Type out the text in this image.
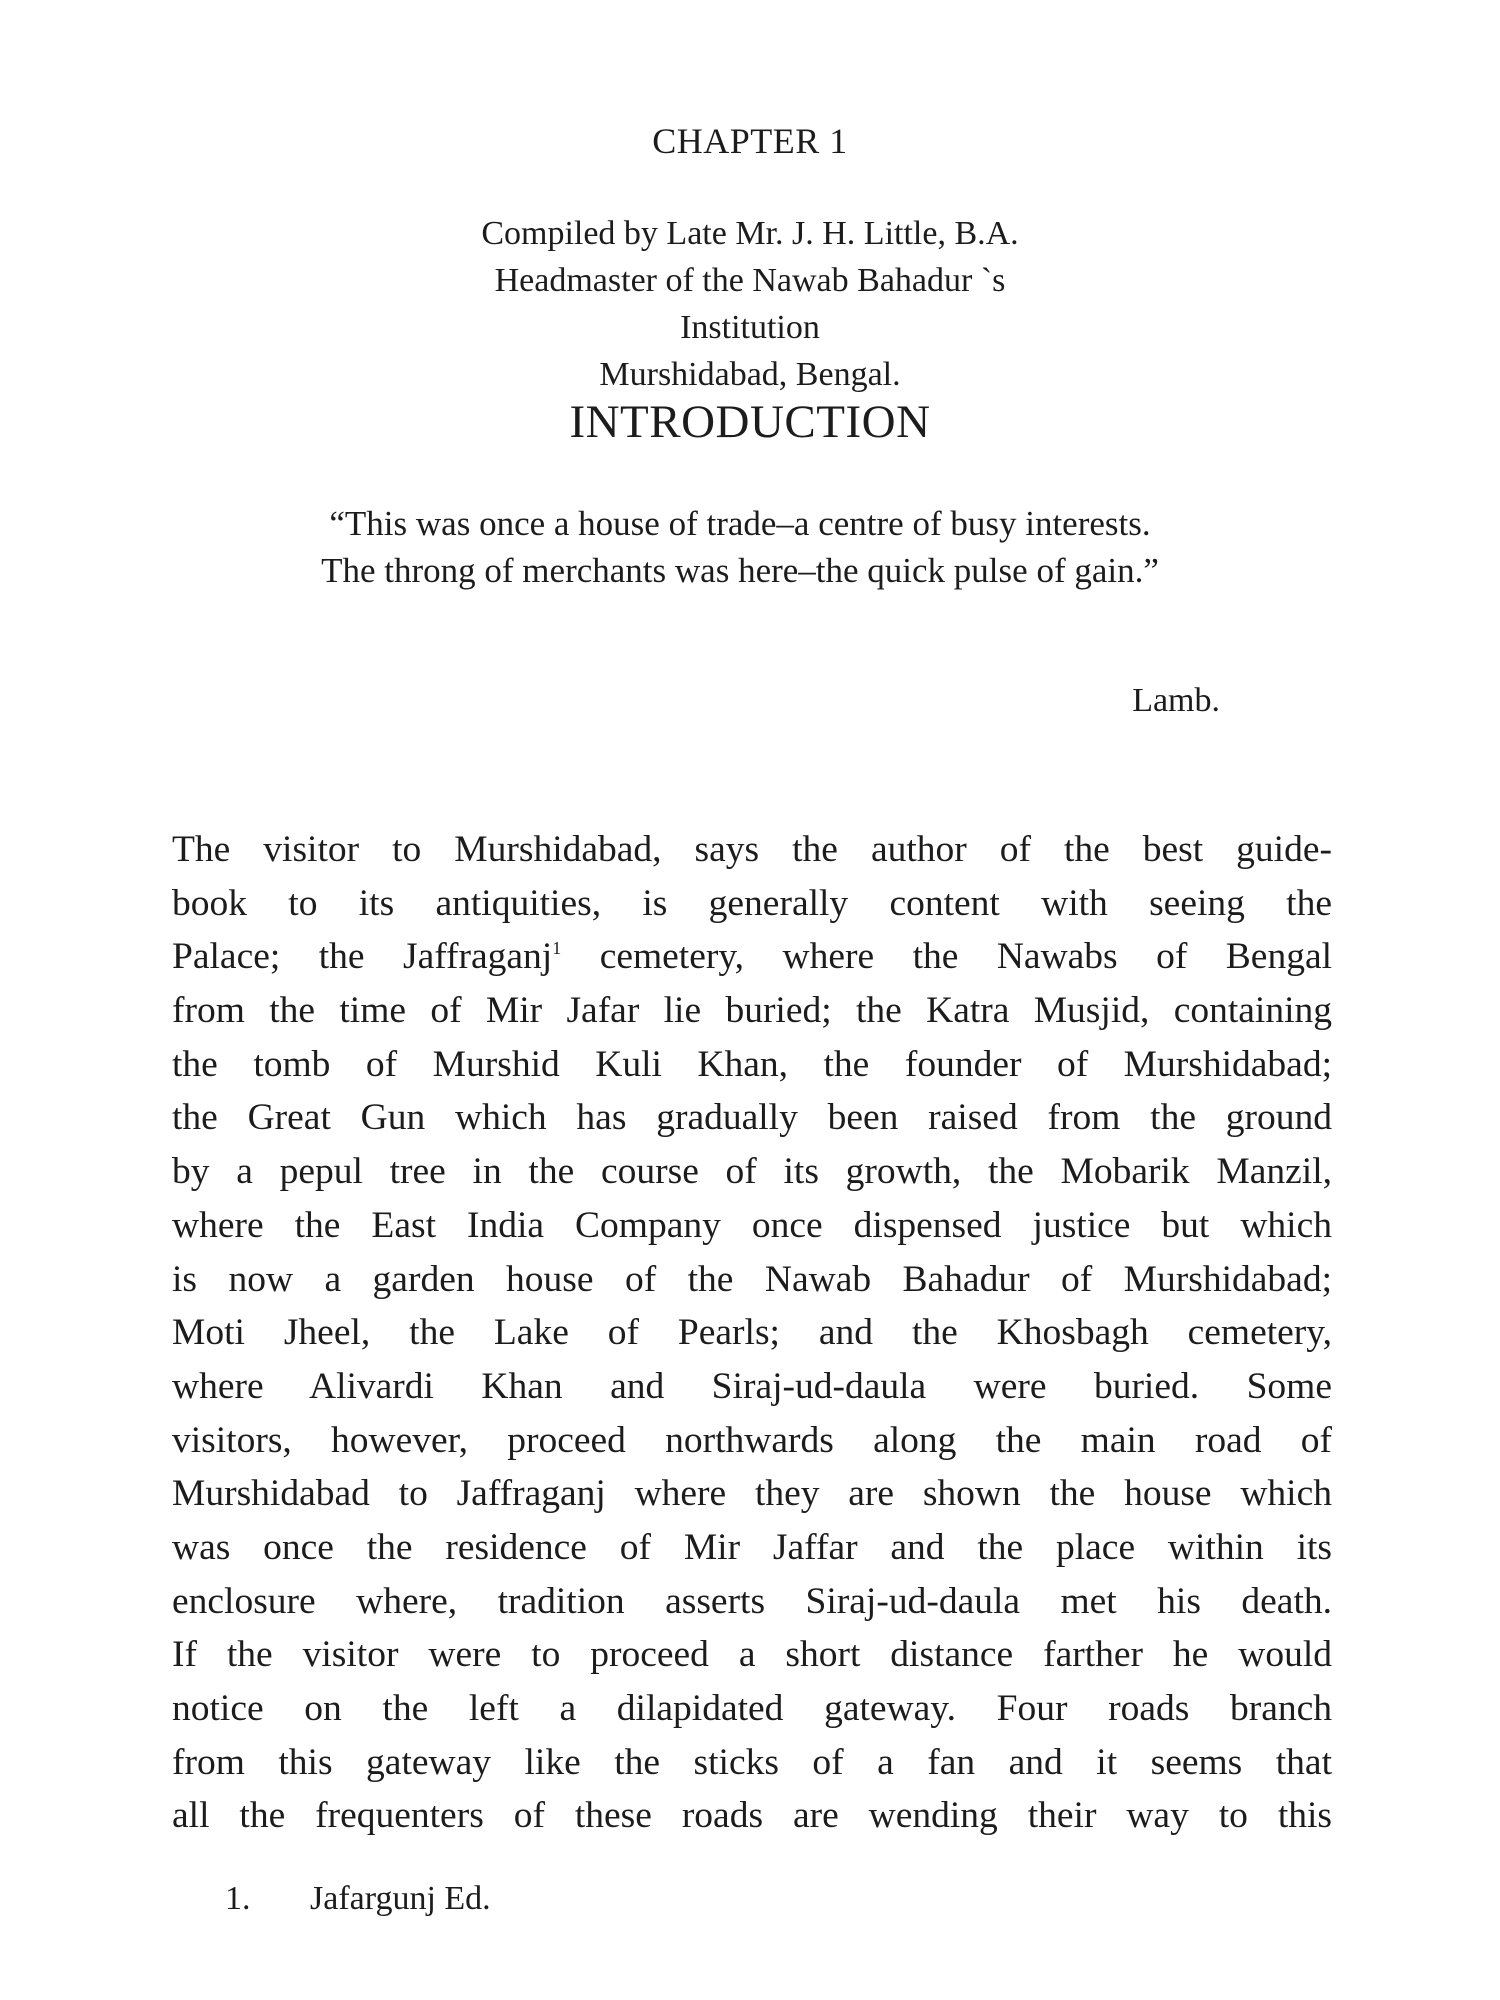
CHAPTER 1
Compiled by Late Mr. J. H. Little, B.A.
Headmaster of the Nawab Bahadur `s Institution
Murshidabad, Bengal.
INTRODUCTION
“This was once a house of trade–a centre of busy interests.
The throng of merchants was here–the quick pulse of gain.”
Lamb.
The visitor to Murshidabad, says the author of the best guide-
book to its antiquities, is generally content with seeing the
Palace; the Jaffraganj$^1$ cemetery, where the Nawabs of Bengal
from the time of Mir Jafar lie buried; the Katra Musjid, containing
the tomb of Murshid Kuli Khan, the founder of Murshidabad;
the Great Gun which has gradually been raised from the ground
by a pepul tree in the course of its growth, the Mobarik Manzil,
where the East India Company once dispensed justice but which
is now a garden house of the Nawab Bahadur of Murshidabad;
Moti Jheel, the Lake of Pearls; and the Khosbagh cemetery,
where Alivardi Khan and Siraj-ud-daula were buried. Some
visitors, however, proceed northwards along the main road of
Murshidabad to Jaffraganj where they are shown the house which
was once the residence of Mir Jaffar and the place within its
enclosure where, tradition asserts Siraj-ud-daula met his death.
If the visitor were to proceed a short distance farther he would
notice on the left a dilapidated gateway. Four roads branch
from this gateway like the sticks of a fan and it seems that
all the frequenters of these roads are wending their way to this
1. Jafargunj Ed.
